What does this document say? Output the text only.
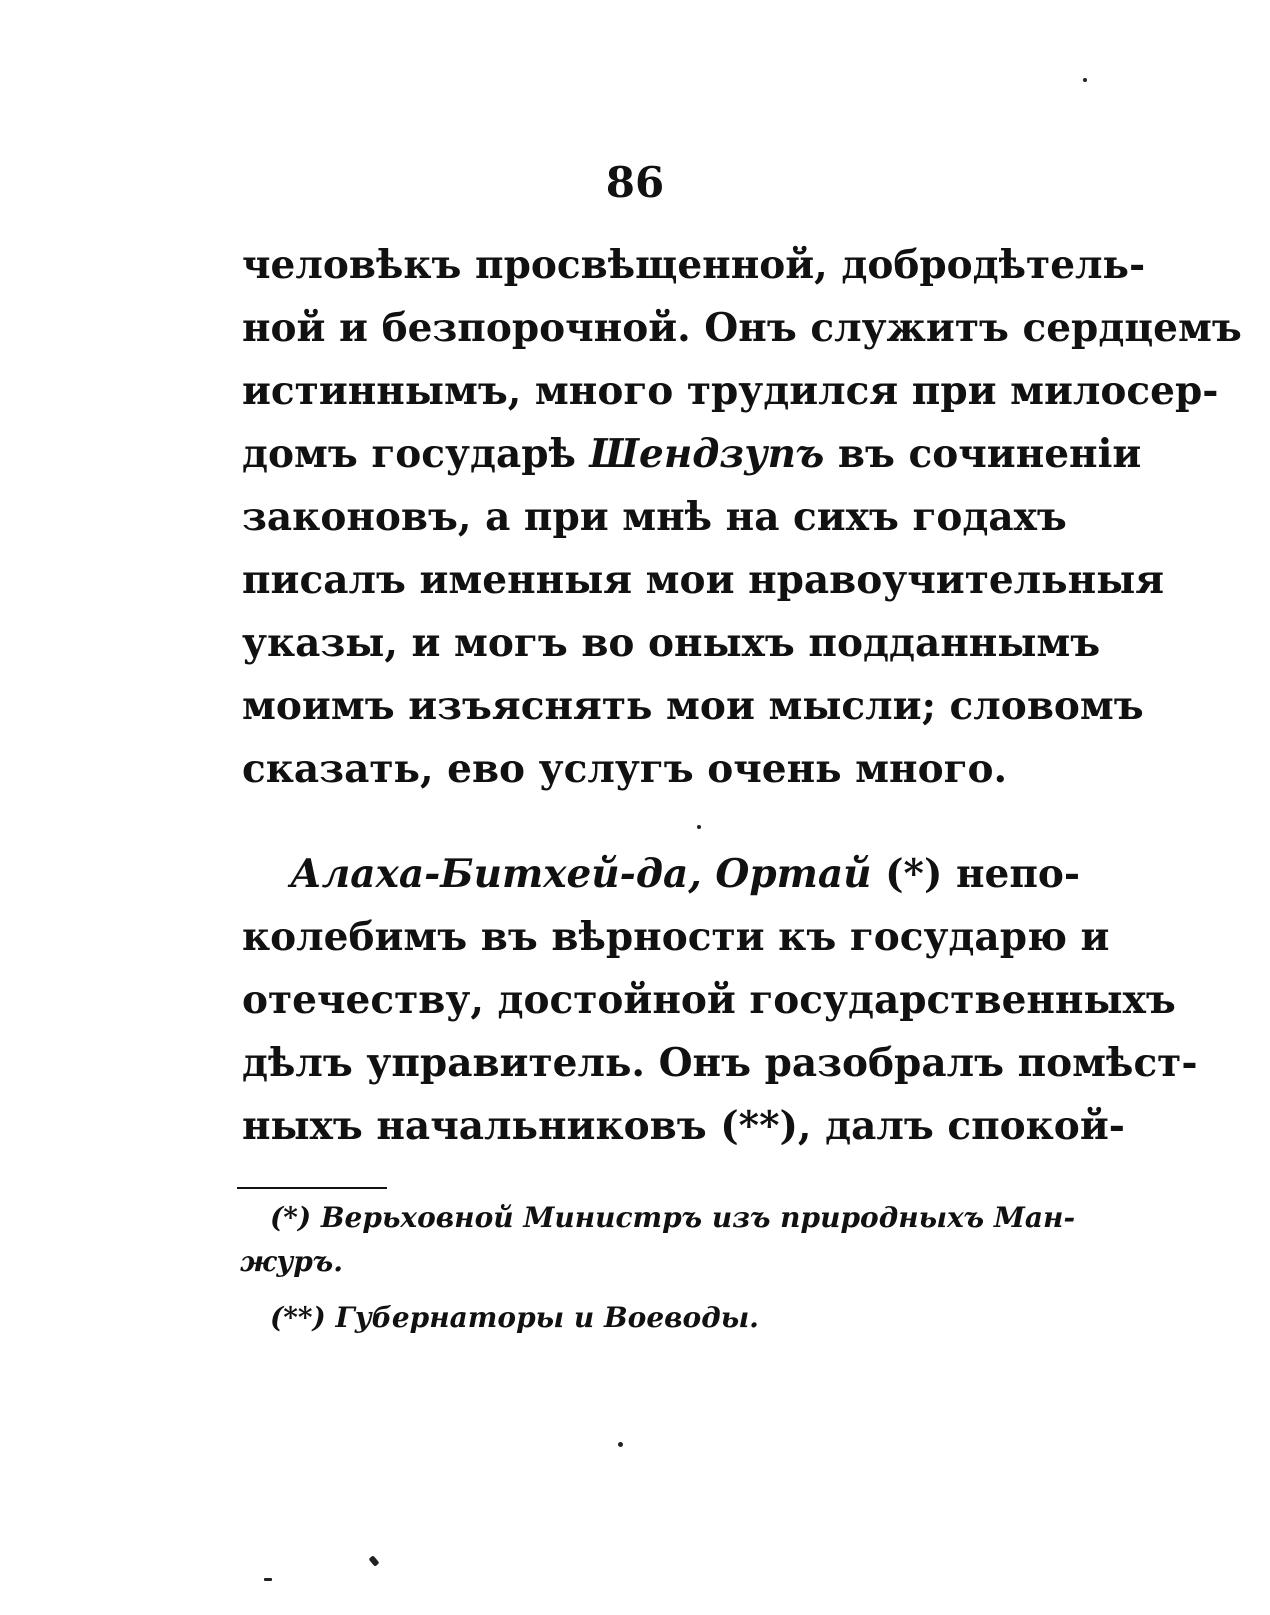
86
человѣкъ просвѣщенной, добродѣтель-
ной и безпорочной. Онъ служитъ сердцемъ
истиннымъ, много трудился при милосер-
домъ государѣ Шендзупъ въ сочиненіи
законовъ, а при мнѣ на сихъ годахъ
писалъ именныя мои нравоучительныя
указы, и могъ во оныхъ подданнымъ
моимъ изъяснять мои мысли; словомъ
сказать, ево услугъ очень много.
Алаха-Битхей-да, Ортай (*) непо-
колебимъ въ вѣрности къ государю и
отечеству, достойной государственныхъ
дѣлъ управитель. Онъ разобралъ помѣст-
ныхъ начальниковъ (**), далъ спокой-
(*) Верьховной Министръ изъ природныхъ Ман-
журъ.
(**) Губернаторы и Воеводы.
